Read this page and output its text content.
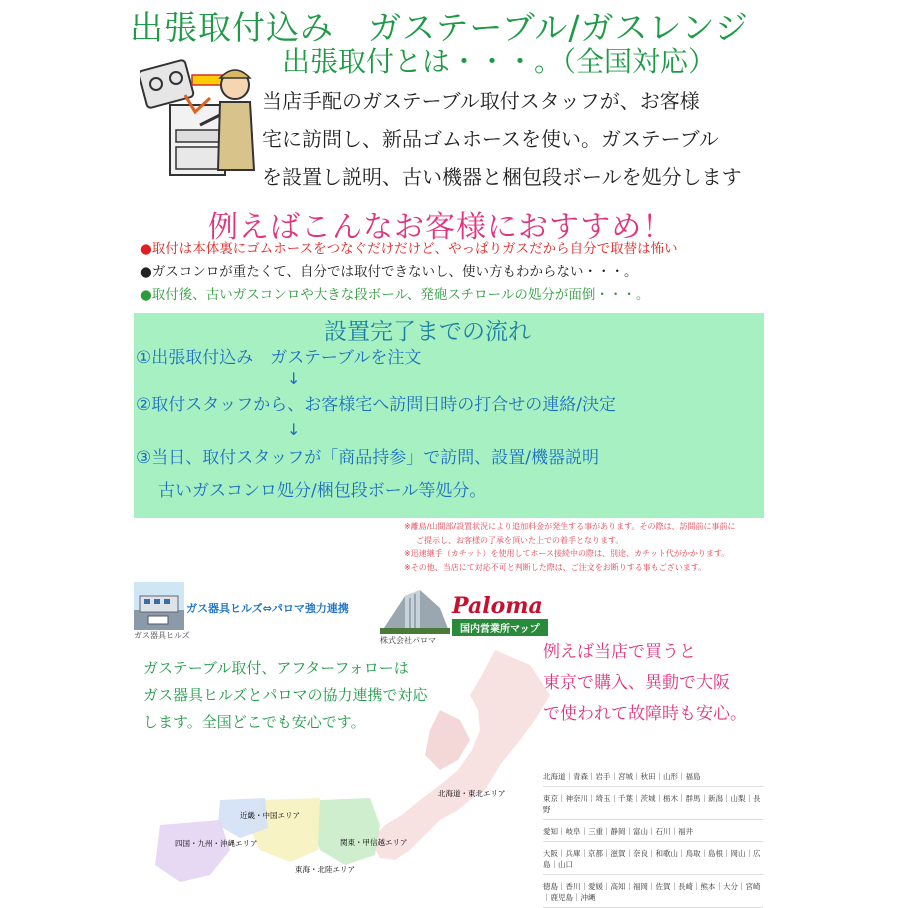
出張取付込み　ガステーブル/ガスレンジ
出張取付とは・・・。（全国対応）
当店手配のガステーブル取付スタッフが、お客様
宅に訪問し、新品ゴムホースを使い。ガステーブル
を設置し説明、古い機器と梱包段ボールを処分します
例えばこんなお客様におすすめ！
●取付は本体裏にゴムホースをつなぐだけだけど、やっぱりガスだから自分で取替は怖い
●ガスコンロが重たくて、自分では取付できないし、使い方もわからない・・・。
●取付後、古いガスコンロや大きな段ボール、発砲スチロールの処分が面倒・・・。
設置完了までの流れ
①出張取付込み　ガステーブルを注文
↓
②取付スタッフから、お客様宅へ訪問日時の打合せの連絡/決定
↓
③当日、取付スタッフが「商品持参」で訪問、設置/機器説明
古いガスコンロ処分/梱包段ボール等処分。
※離島/山間部/設置状況により追加料金が発生する事があります。その際は、訪問前に事前に
ご提示し、お客様の了承を頂いた上での着手となります。
※迅速継手（カチット）を使用してホース接続中の際は、別途、カチット代がかかります。
※その他、当店にて対応不可と判断した際は、ご注文をお断りする事もございます。
ガス器具ヒルズ
ガス器具ヒルズ⇔パロマ強力連携	Paloma
国内営業所マップ
株式会社パロマ
ガステーブル取付、アフターフォローは
ガス器具ヒルズとパロマの協力連携で対応
します。全国どこでも安心です。
例えば当店で買うと
東京で購入、異動で大阪
で使われて故障時も安心。
北海道・東北エリア
関東・甲信越エリア
東海・北陸エリア
近畿・中国エリア
四国・九州・沖縄エリア
北海道｜青森｜岩手｜宮城｜秋田｜山形｜福島
東京｜神奈川｜埼玉｜千葉｜茨城｜栃木｜群馬｜新潟｜山梨｜長野
愛知｜岐阜｜三重｜静岡｜富山｜石川｜福井
大阪｜兵庫｜京都｜滋賀｜奈良｜和歌山｜鳥取｜島根｜岡山｜広島｜山口
徳島｜香川｜愛媛｜高知｜福岡｜佐賀｜長崎｜熊本｜大分｜宮崎｜鹿児島｜沖縄
